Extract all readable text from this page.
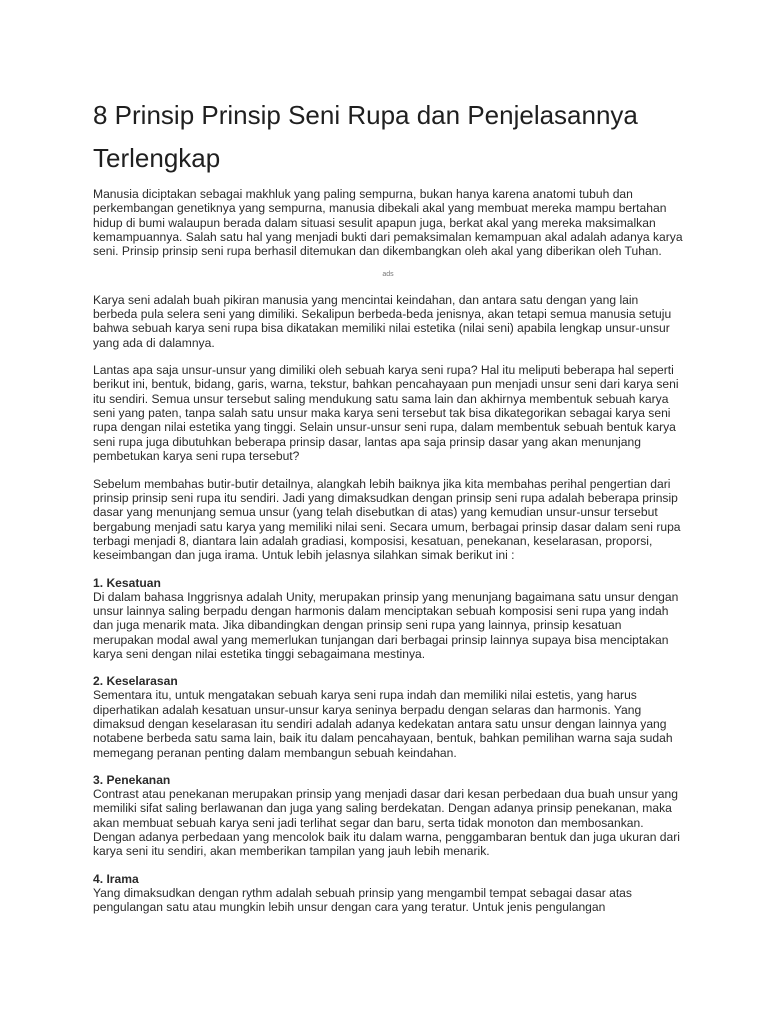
8 Prinsip Prinsip Seni Rupa dan Penjelasannya Terlengkap

Manusia diciptakan sebagai makhluk yang paling sempurna, bukan hanya karena anatomi tubuh dan perkembangan genetiknya yang sempurna, manusia dibekali akal yang membuat mereka mampu bertahan hidup di bumi walaupun berada dalam situasi sesulit apapun juga, berkat akal yang mereka maksimalkan kemampuannya. Salah satu hal yang menjadi bukti dari pemaksimalan kemampuan akal adalah adanya karya seni. Prinsip prinsip seni rupa berhasil ditemukan dan dikembangkan oleh akal yang diberikan oleh Tuhan.

ads

Karya seni adalah buah pikiran manusia yang mencintai keindahan, dan antara satu dengan yang lain berbeda pula selera seni yang dimiliki. Sekalipun berbeda-beda jenisnya, akan tetapi semua manusia setuju bahwa sebuah karya seni rupa bisa dikatakan memiliki nilai estetika (nilai seni) apabila lengkap unsur-unsur yang ada di dalamnya.

Lantas apa saja unsur-unsur yang dimiliki oleh sebuah karya seni rupa? Hal itu meliputi beberapa hal seperti berikut ini, bentuk, bidang, garis, warna, tekstur, bahkan pencahayaan pun menjadi unsur seni dari karya seni itu sendiri. Semua unsur tersebut saling mendukung satu sama lain dan akhirnya membentuk sebuah karya seni yang paten, tanpa salah satu unsur maka karya seni tersebut tak bisa dikategorikan sebagai karya seni rupa dengan nilai estetika yang tinggi. Selain unsur-unsur seni rupa, dalam membentuk sebuah bentuk karya seni rupa juga dibutuhkan beberapa prinsip dasar, lantas apa saja prinsip dasar yang akan menunjang pembetukan karya seni rupa tersebut?

Sebelum membahas butir-butir detailnya, alangkah lebih baiknya jika kita membahas perihal pengertian dari prinsip prinsip seni rupa itu sendiri. Jadi yang dimaksudkan dengan prinsip seni rupa adalah beberapa prinsip dasar yang menunjang semua unsur (yang telah disebutkan di atas) yang kemudian unsur-unsur tersebut bergabung menjadi satu karya yang memiliki nilai seni. Secara umum, berbagai prinsip dasar dalam seni rupa terbagi menjadi 8, diantara lain adalah gradiasi, komposisi, kesatuan, penekanan, keselarasan, proporsi, keseimbangan dan juga irama. Untuk lebih jelasnya silahkan simak berikut ini :

1. Kesatuan

Di dalam bahasa Inggrisnya adalah Unity, merupakan prinsip yang menunjang bagaimana satu unsur dengan unsur lainnya saling berpadu dengan harmonis dalam menciptakan sebuah komposisi seni rupa yang indah dan juga menarik mata. Jika dibandingkan dengan prinsip seni rupa yang lainnya, prinsip kesatuan merupakan modal awal yang memerlukan tunjangan dari berbagai prinsip lainnya supaya bisa menciptakan karya seni dengan nilai estetika tinggi sebagaimana mestinya.

2. Keselarasan

Sementara itu, untuk mengatakan sebuah karya seni rupa indah dan memiliki nilai estetis, yang harus diperhatikan adalah kesatuan unsur-unsur karya seninya berpadu dengan selaras dan harmonis. Yang dimaksud dengan keselarasan itu sendiri adalah adanya kedekatan antara satu unsur dengan lainnya yang notabene berbeda satu sama lain, baik itu dalam pencahayaan, bentuk, bahkan pemilihan warna saja sudah memegang peranan penting dalam membangun sebuah keindahan.

3. Penekanan

Contrast atau penekanan merupakan prinsip yang menjadi dasar dari kesan perbedaan dua buah unsur yang memiliki sifat saling berlawanan dan juga yang saling berdekatan. Dengan adanya prinsip penekanan, maka akan membuat sebuah karya seni jadi terlihat segar dan baru, serta tidak monoton dan membosankan. Dengan adanya perbedaan yang mencolok baik itu dalam warna, penggambaran bentuk dan juga ukuran dari karya seni itu sendiri, akan memberikan tampilan yang jauh lebih menarik.

4. Irama

Yang dimaksudkan dengan rythm adalah sebuah prinsip yang mengambil tempat sebagai dasar atas pengulangan satu atau mungkin lebih unsur dengan cara yang teratur. Untuk jenis pengulangan
